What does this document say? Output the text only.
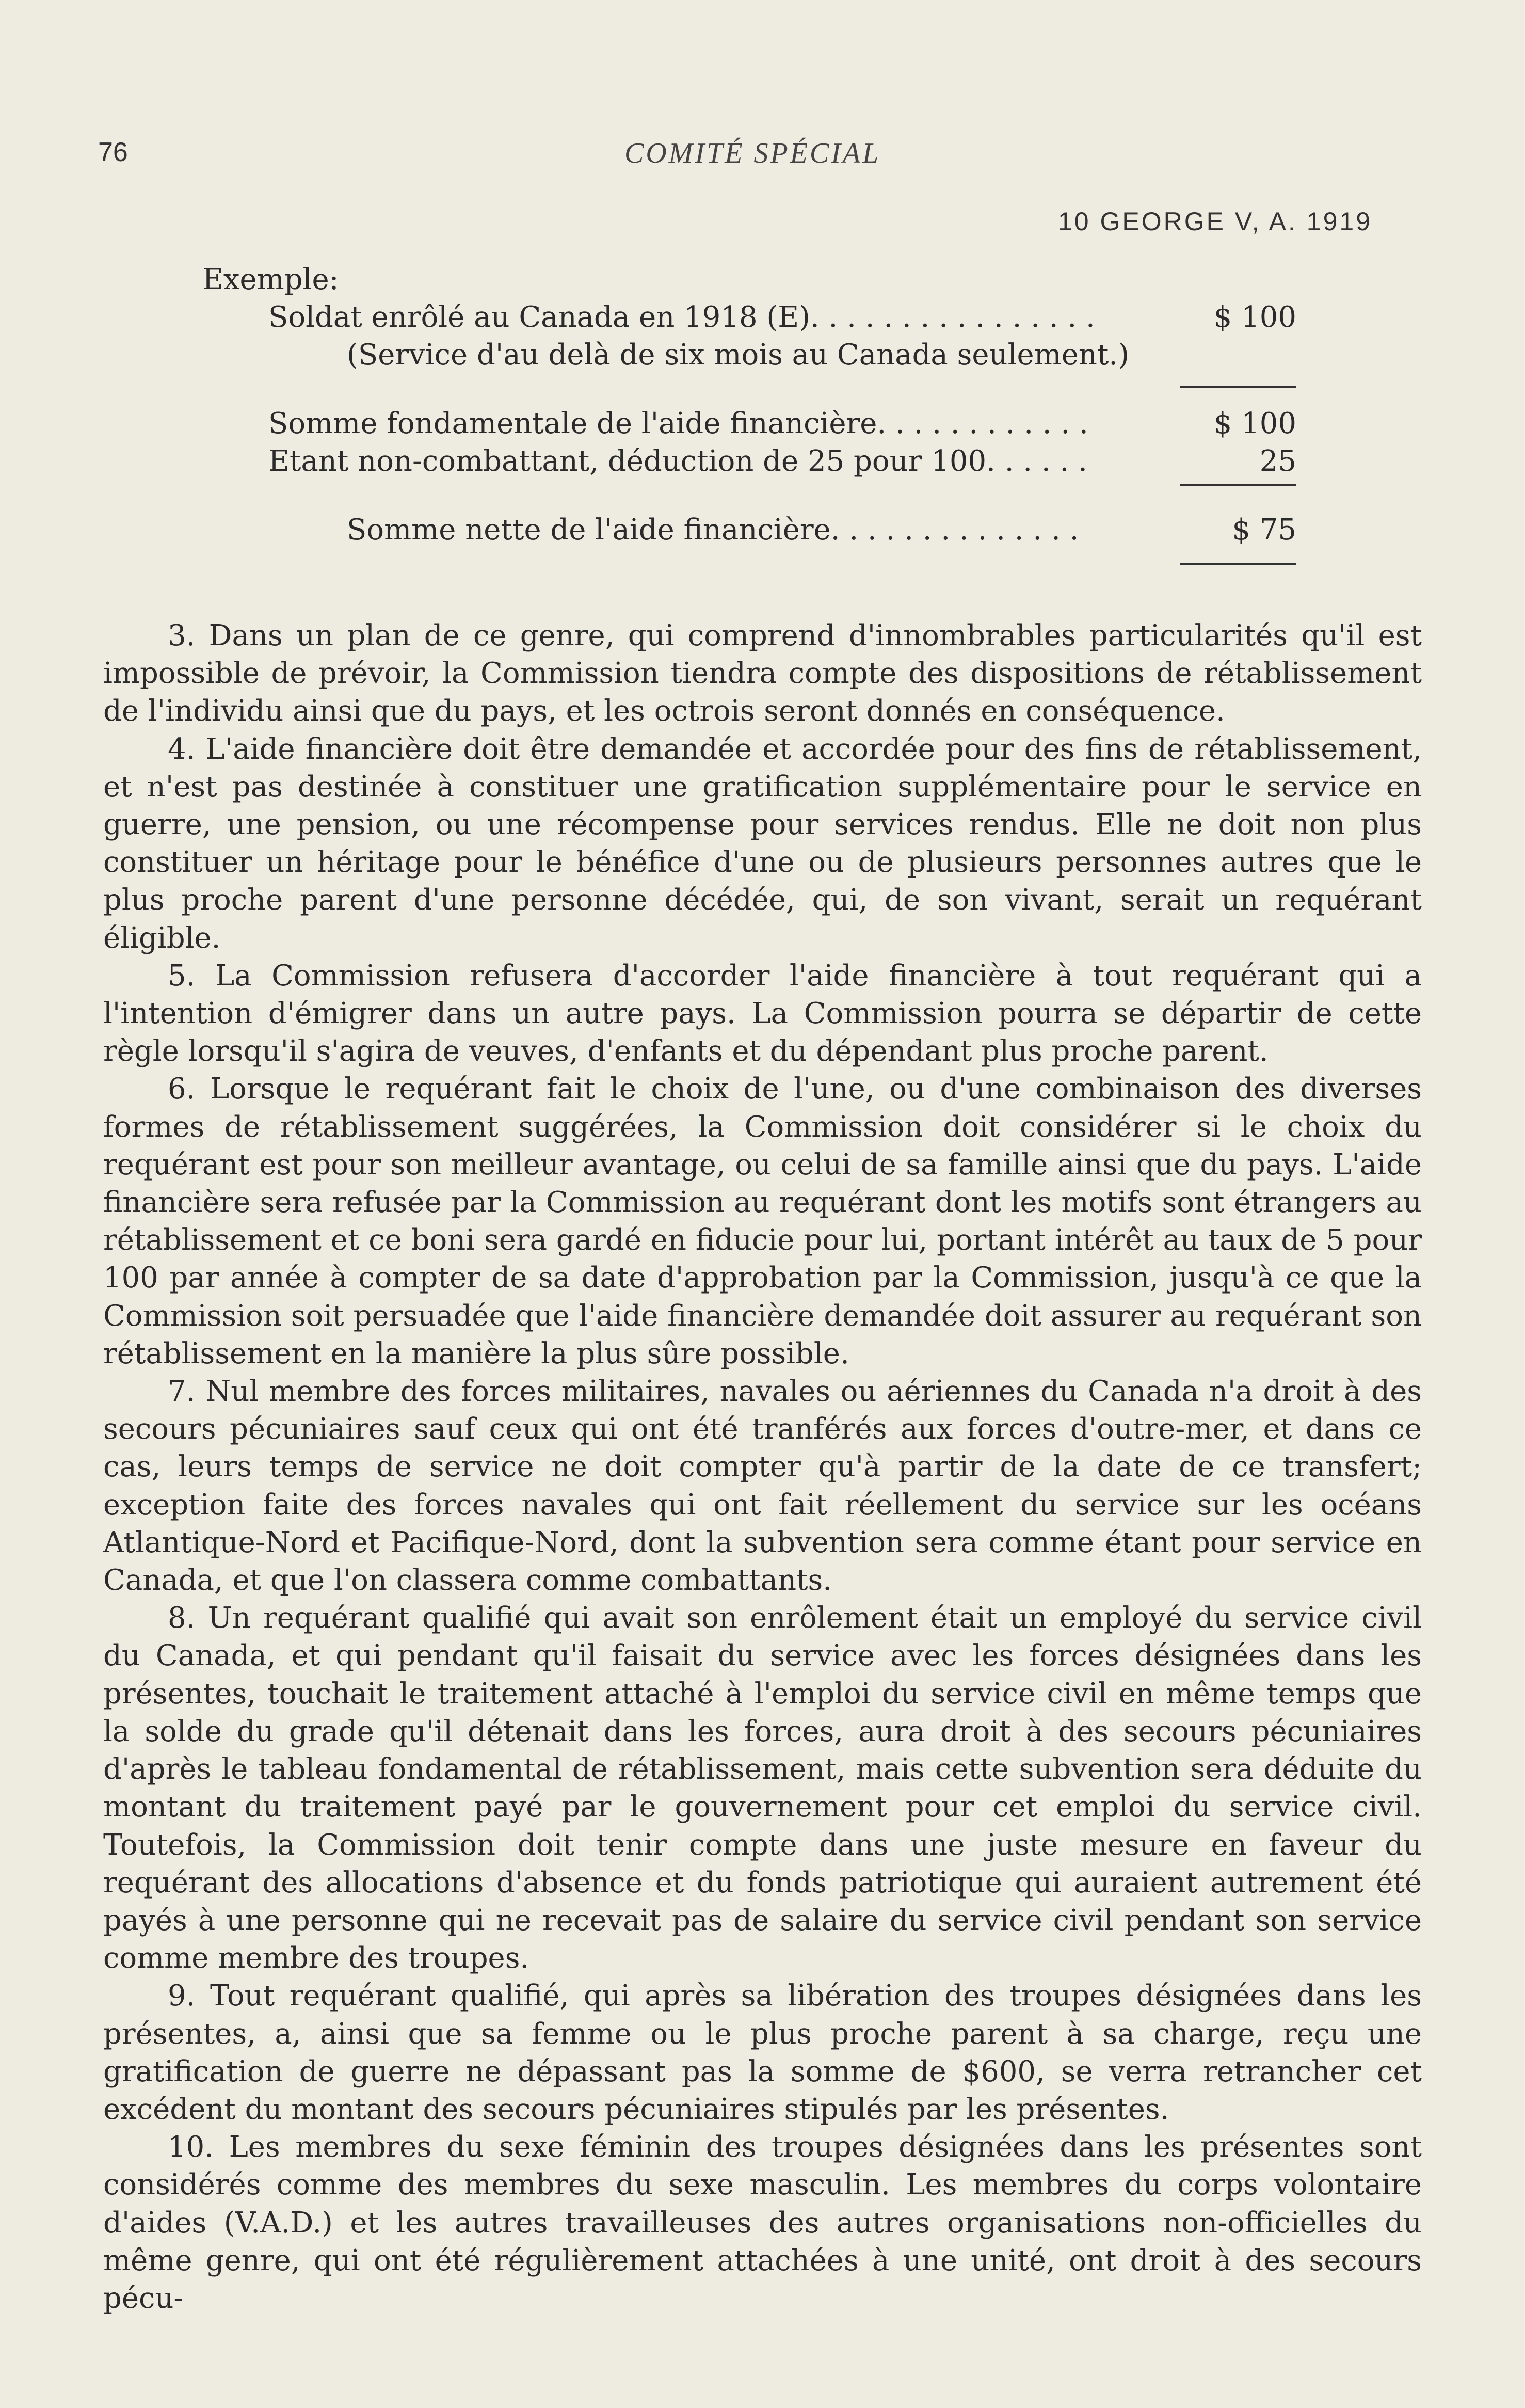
76	COMITÉ SPÉCIAL
10 GEORGE V, A. 1919
Exemple:
Soldat enrôlé au Canada en 1918 (E). . . . . . . . . . . . . . . .	$ 100
(Service d'au delà de six mois au Canada seulement.)
Somme fondamentale de l'aide financière. . . . . . . . . . . .	$ 100
Etant non-combattant, déduction de 25 pour 100. . . . . .	25
Somme nette de l'aide financière. . . . . . . . . . . . . .	$ 75

3. Dans un plan de ce genre, qui comprend d'innombrables particularités qu'il est impossible de prévoir, la Commission tiendra compte des dispositions de rétablissement de l'individu ainsi que du pays, et les octrois seront donnés en conséquence.

4. L'aide financière doit être demandée et accordée pour des fins de rétablissement, et n'est pas destinée à constituer une gratification supplémentaire pour le service en guerre, une pension, ou une récompense pour services rendus. Elle ne doit non plus constituer un héritage pour le bénéfice d'une ou de plusieurs personnes autres que le plus proche parent d'une personne décédée, qui, de son vivant, serait un requérant éligible.

5. La Commission refusera d'accorder l'aide financière à tout requérant qui a l'intention d'émigrer dans un autre pays. La Commission pourra se départir de cette règle lorsqu'il s'agira de veuves, d'enfants et du dépendant plus proche parent.

6. Lorsque le requérant fait le choix de l'une, ou d'une combinaison des diverses formes de rétablissement suggérées, la Commission doit considérer si le choix du requérant est pour son meilleur avantage, ou celui de sa famille ainsi que du pays. L'aide financière sera refusée par la Commission au requérant dont les motifs sont étrangers au rétablissement et ce boni sera gardé en fiducie pour lui, portant intérêt au taux de 5 pour 100 par année à compter de sa date d'approbation par la Commission, jusqu'à ce que la Commission soit persuadée que l'aide financière demandée doit assurer au requérant son rétablissement en la manière la plus sûre possible.

7. Nul membre des forces militaires, navales ou aériennes du Canada n'a droit à des secours pécuniaires sauf ceux qui ont été tranférés aux forces d'outre-mer, et dans ce cas, leurs temps de service ne doit compter qu'à partir de la date de ce transfert; exception faite des forces navales qui ont fait réellement du service sur les océans Atlantique-Nord et Pacifique-Nord, dont la subvention sera comme étant pour service en Canada, et que l'on classera comme combattants.

8. Un requérant qualifié qui avait son enrôlement était un employé du service civil du Canada, et qui pendant qu'il faisait du service avec les forces désignées dans les présentes, touchait le traitement attaché à l'emploi du service civil en même temps que la solde du grade qu'il détenait dans les forces, aura droit à des secours pécuniaires d'après le tableau fondamental de rétablissement, mais cette subvention sera déduite du montant du traitement payé par le gouvernement pour cet emploi du service civil. Toutefois, la Commission doit tenir compte dans une juste mesure en faveur du requérant des allocations d'absence et du fonds patriotique qui auraient autrement été payés à une personne qui ne recevait pas de salaire du service civil pendant son service comme membre des troupes.

9. Tout requérant qualifié, qui après sa libération des troupes désignées dans les présentes, a, ainsi que sa femme ou le plus proche parent à sa charge, reçu une gratification de guerre ne dépassant pas la somme de $600, se verra retrancher cet excédent du montant des secours pécuniaires stipulés par les présentes.

10. Les membres du sexe féminin des troupes désignées dans les présentes sont considérés comme des membres du sexe masculin. Les membres du corps volontaire d'aides (V.A.D.) et les autres travailleuses des autres organisations non-officielles du même genre, qui ont été régulièrement attachées à une unité, ont droit à des secours pécu-
